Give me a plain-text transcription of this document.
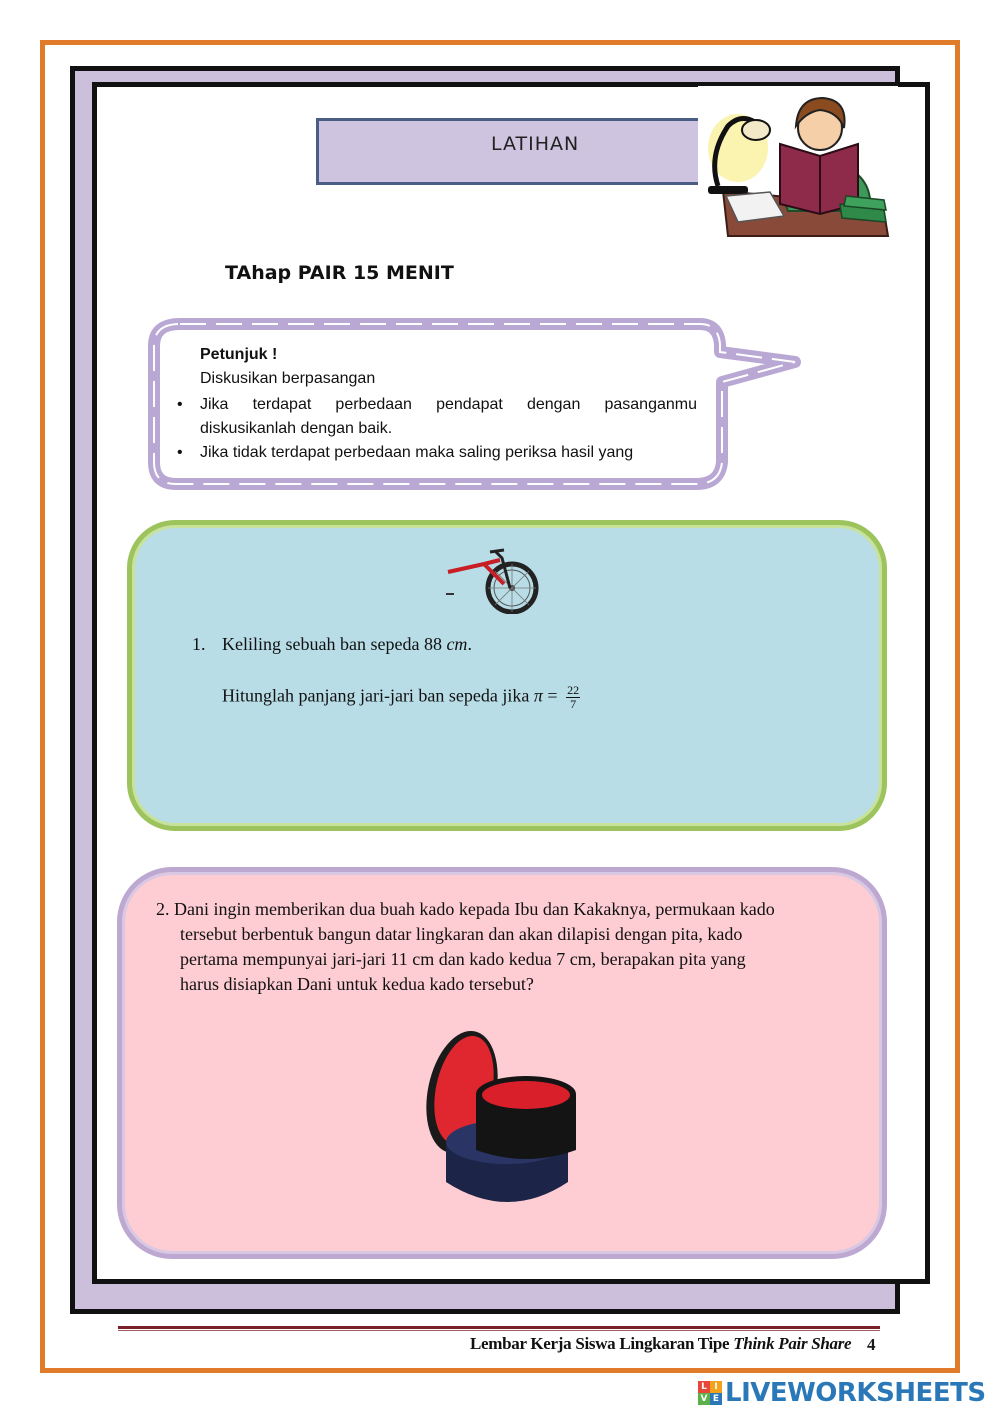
LATIHAN
TAhap PAIR 15 MENIT
Petunjuk !
Diskusikan berpasangan
• Jika terdapat perbedaan pendapat dengan pasanganmu diskusikanlah dengan baik.
• Jika tidak terdapat perbedaan maka saling periksa hasil yang
1. Keliling sebuah ban sepeda 88 cm.
Hitunglah panjang jari-jari ban sepeda jika $\pi = \frac{22}{7}$
2. Dani ingin memberikan dua buah kado kepada Ibu dan Kakaknya, permukaan kado
tersebut berbentuk bangun datar lingkaran dan akan dilapisi dengan pita, kado
pertama mempunyai jari-jari 11 cm dan kado kedua 7 cm, berapakan pita yang
harus disiapkan Dani untuk kedua kado tersebut?
Lembar Kerja Siswa Lingkaran Tipe Think Pair Share 4
L I
V E LIVEWORKSHEETS
